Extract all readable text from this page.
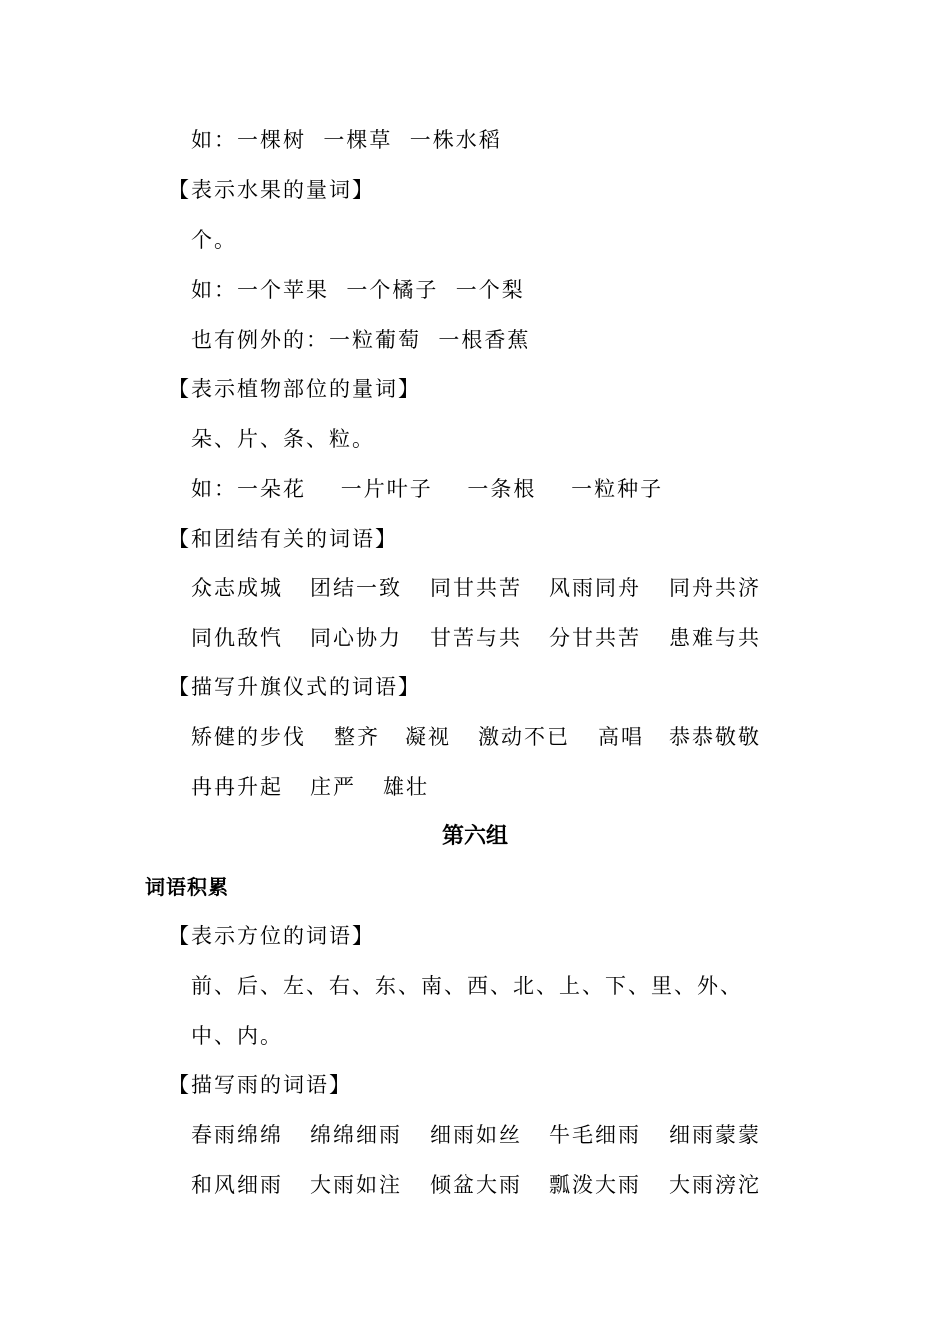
如：一棵树  一棵草  一株水稻
【表示水果的量词】
个。
如：一个苹果  一个橘子  一个梨
也有例外的：一粒葡萄  一根香蕉
【表示植物部位的量词】
朵、片、条、粒。
如：一朵花    一片叶子    一条根    一粒种子
【和团结有关的词语】
众志成城	团结一致	同甘共苦	风雨同舟	同舟共济
同仇敌忾	同心协力	甘苦与共	分甘共苦	患难与共
【描写升旗仪式的词语】
矫健的步伐	整齐	凝视	激动不已	高唱	恭恭敬敬
冉冉升起	庄严	雄壮
第六组
词语积累
【表示方位的词语】
前、后、左、右、东、南、西、北、上、下、里、外、
中、内。
【描写雨的词语】
春雨绵绵	绵绵细雨	细雨如丝	牛毛细雨	细雨蒙蒙
和风细雨	大雨如注	倾盆大雨	瓢泼大雨	大雨滂沱
